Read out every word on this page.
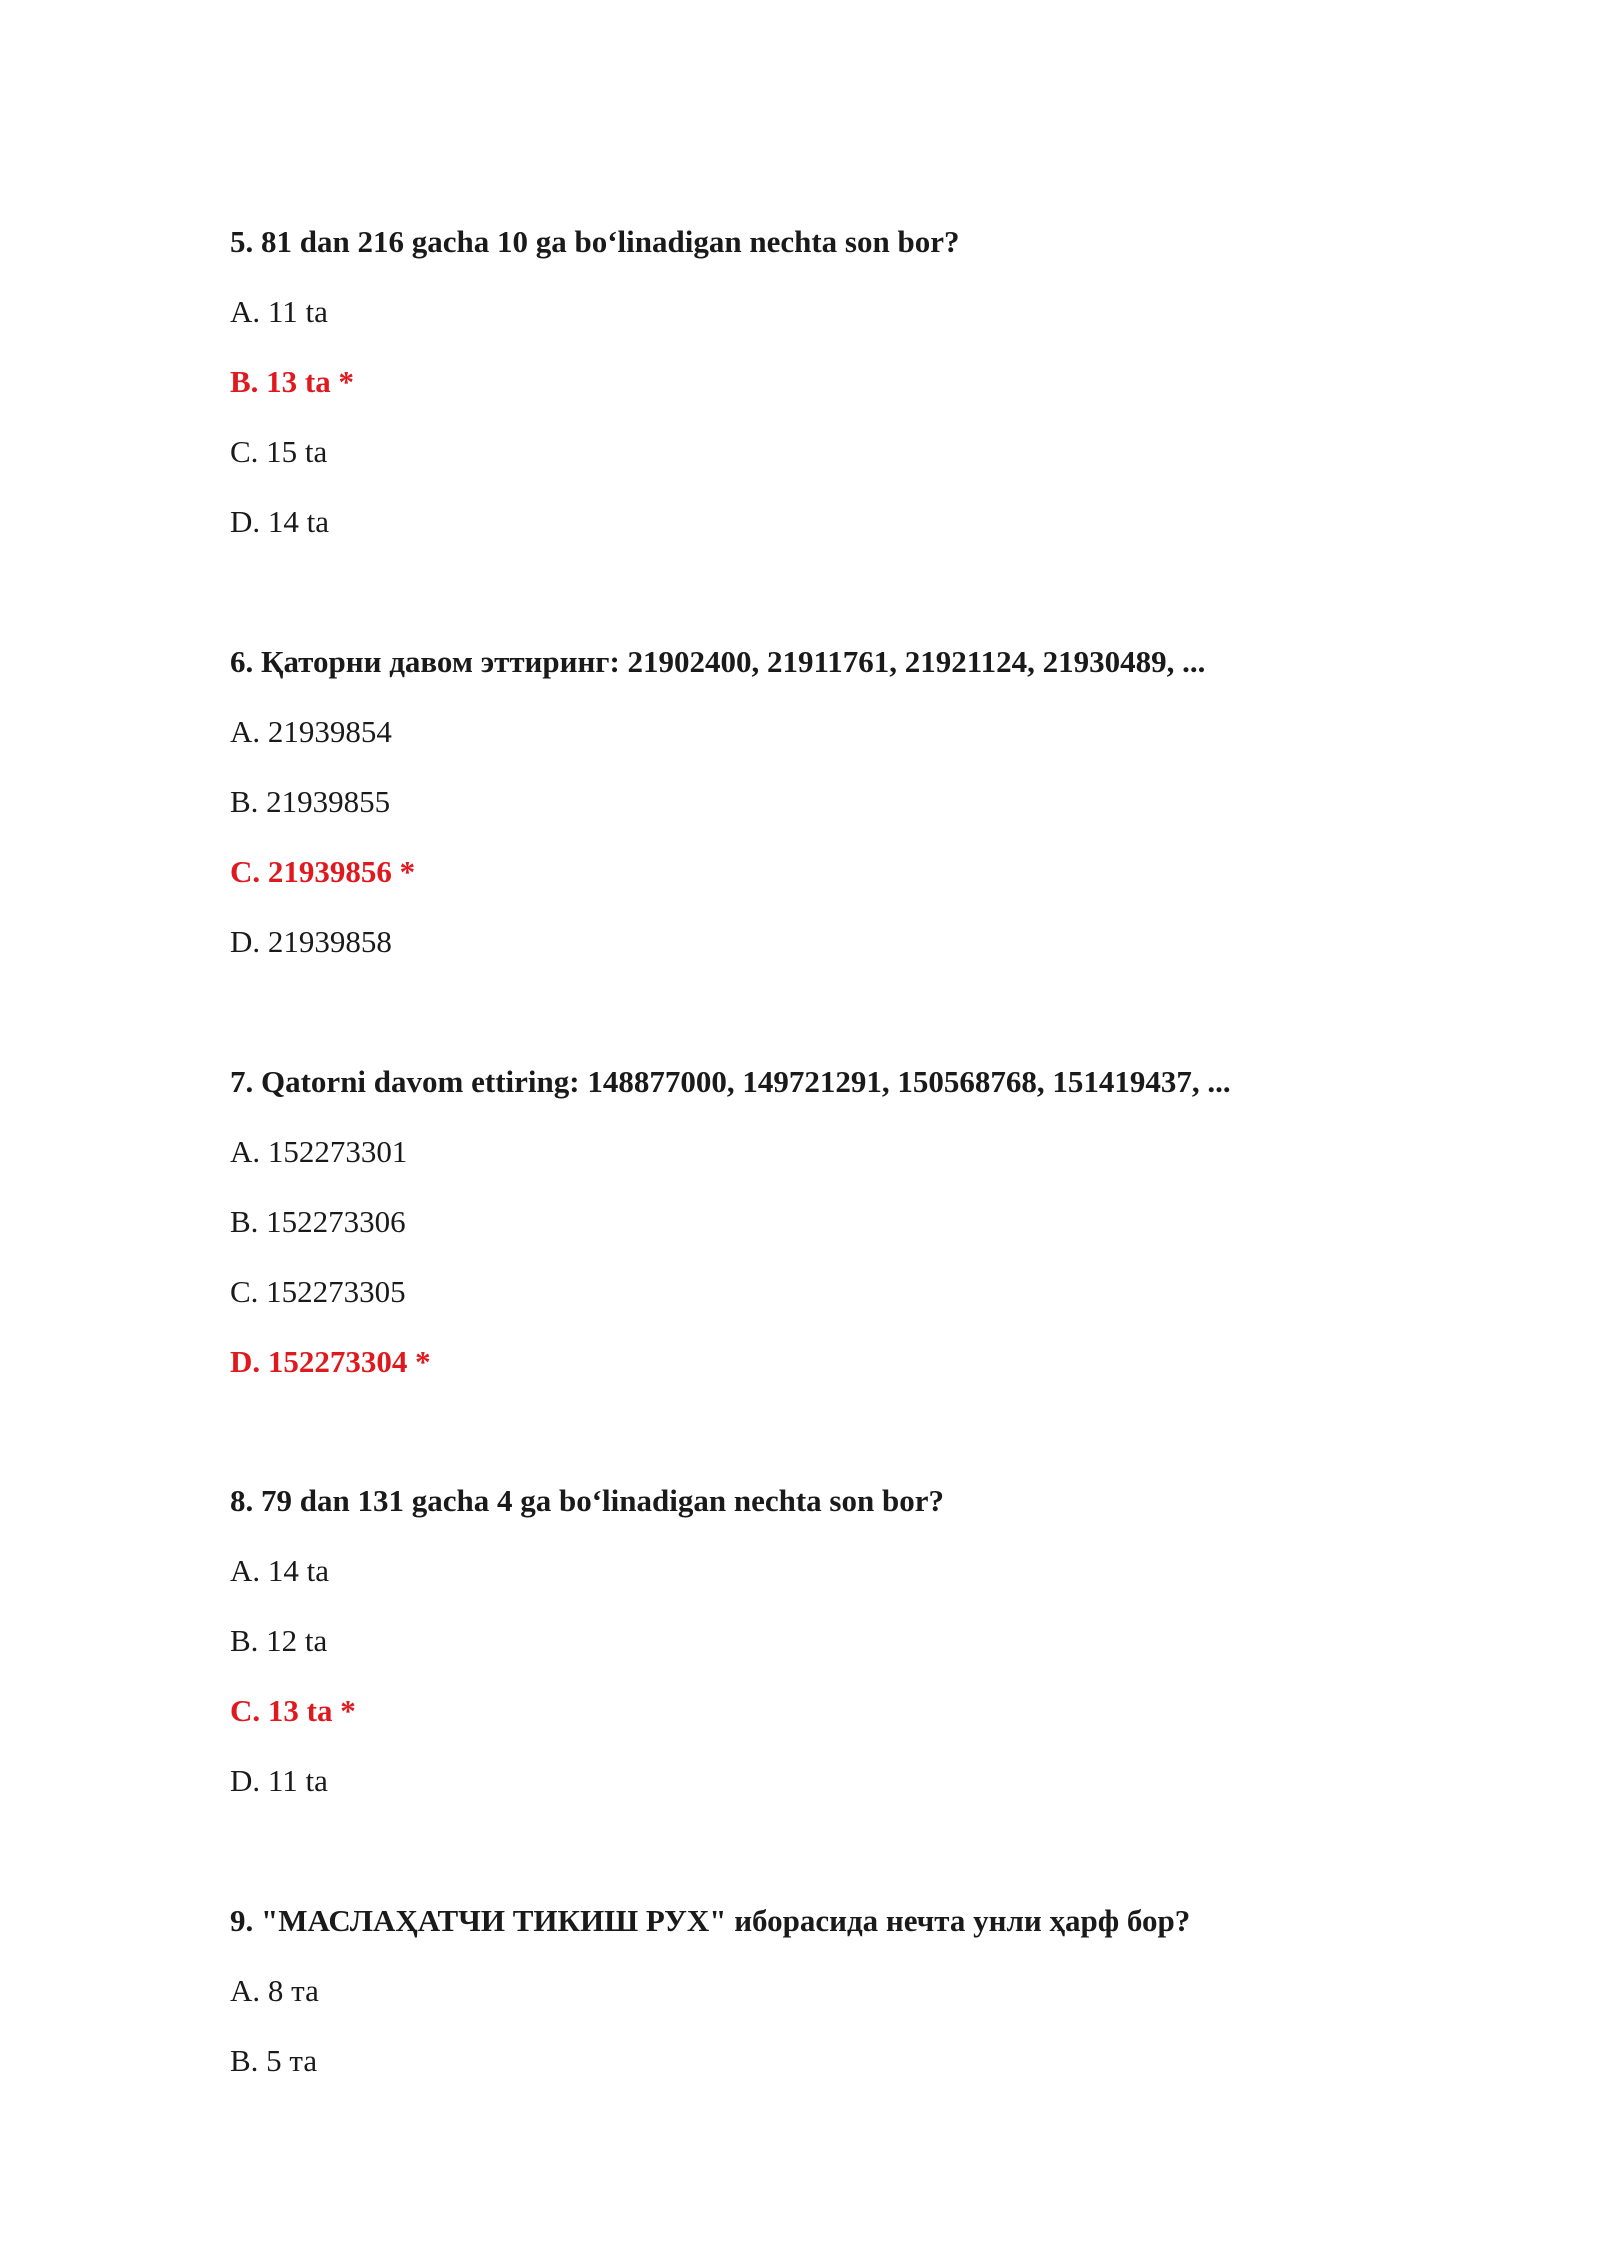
5. 81 dan 216 gacha 10 ga bo‘linadigan nechta son bor?
A. 11 ta
B. 13 ta *
C. 15 ta
D. 14 ta
6. Қаторни давом эттиринг: 21902400, 21911761, 21921124, 21930489, ...
A. 21939854
B. 21939855
C. 21939856 *
D. 21939858
7. Qatorni davom ettiring: 148877000, 149721291, 150568768, 151419437, ...
A. 152273301
B. 152273306
C. 152273305
D. 152273304 *
8. 79 dan 131 gacha 4 ga bo‘linadigan nechta son bor?
A. 14 ta
B. 12 ta
C. 13 ta *
D. 11 ta
9. "МАСЛАҲАТЧИ ТИКИШ РУХ" иборасида нечта унли ҳарф бор?
A. 8 та
B. 5 та
